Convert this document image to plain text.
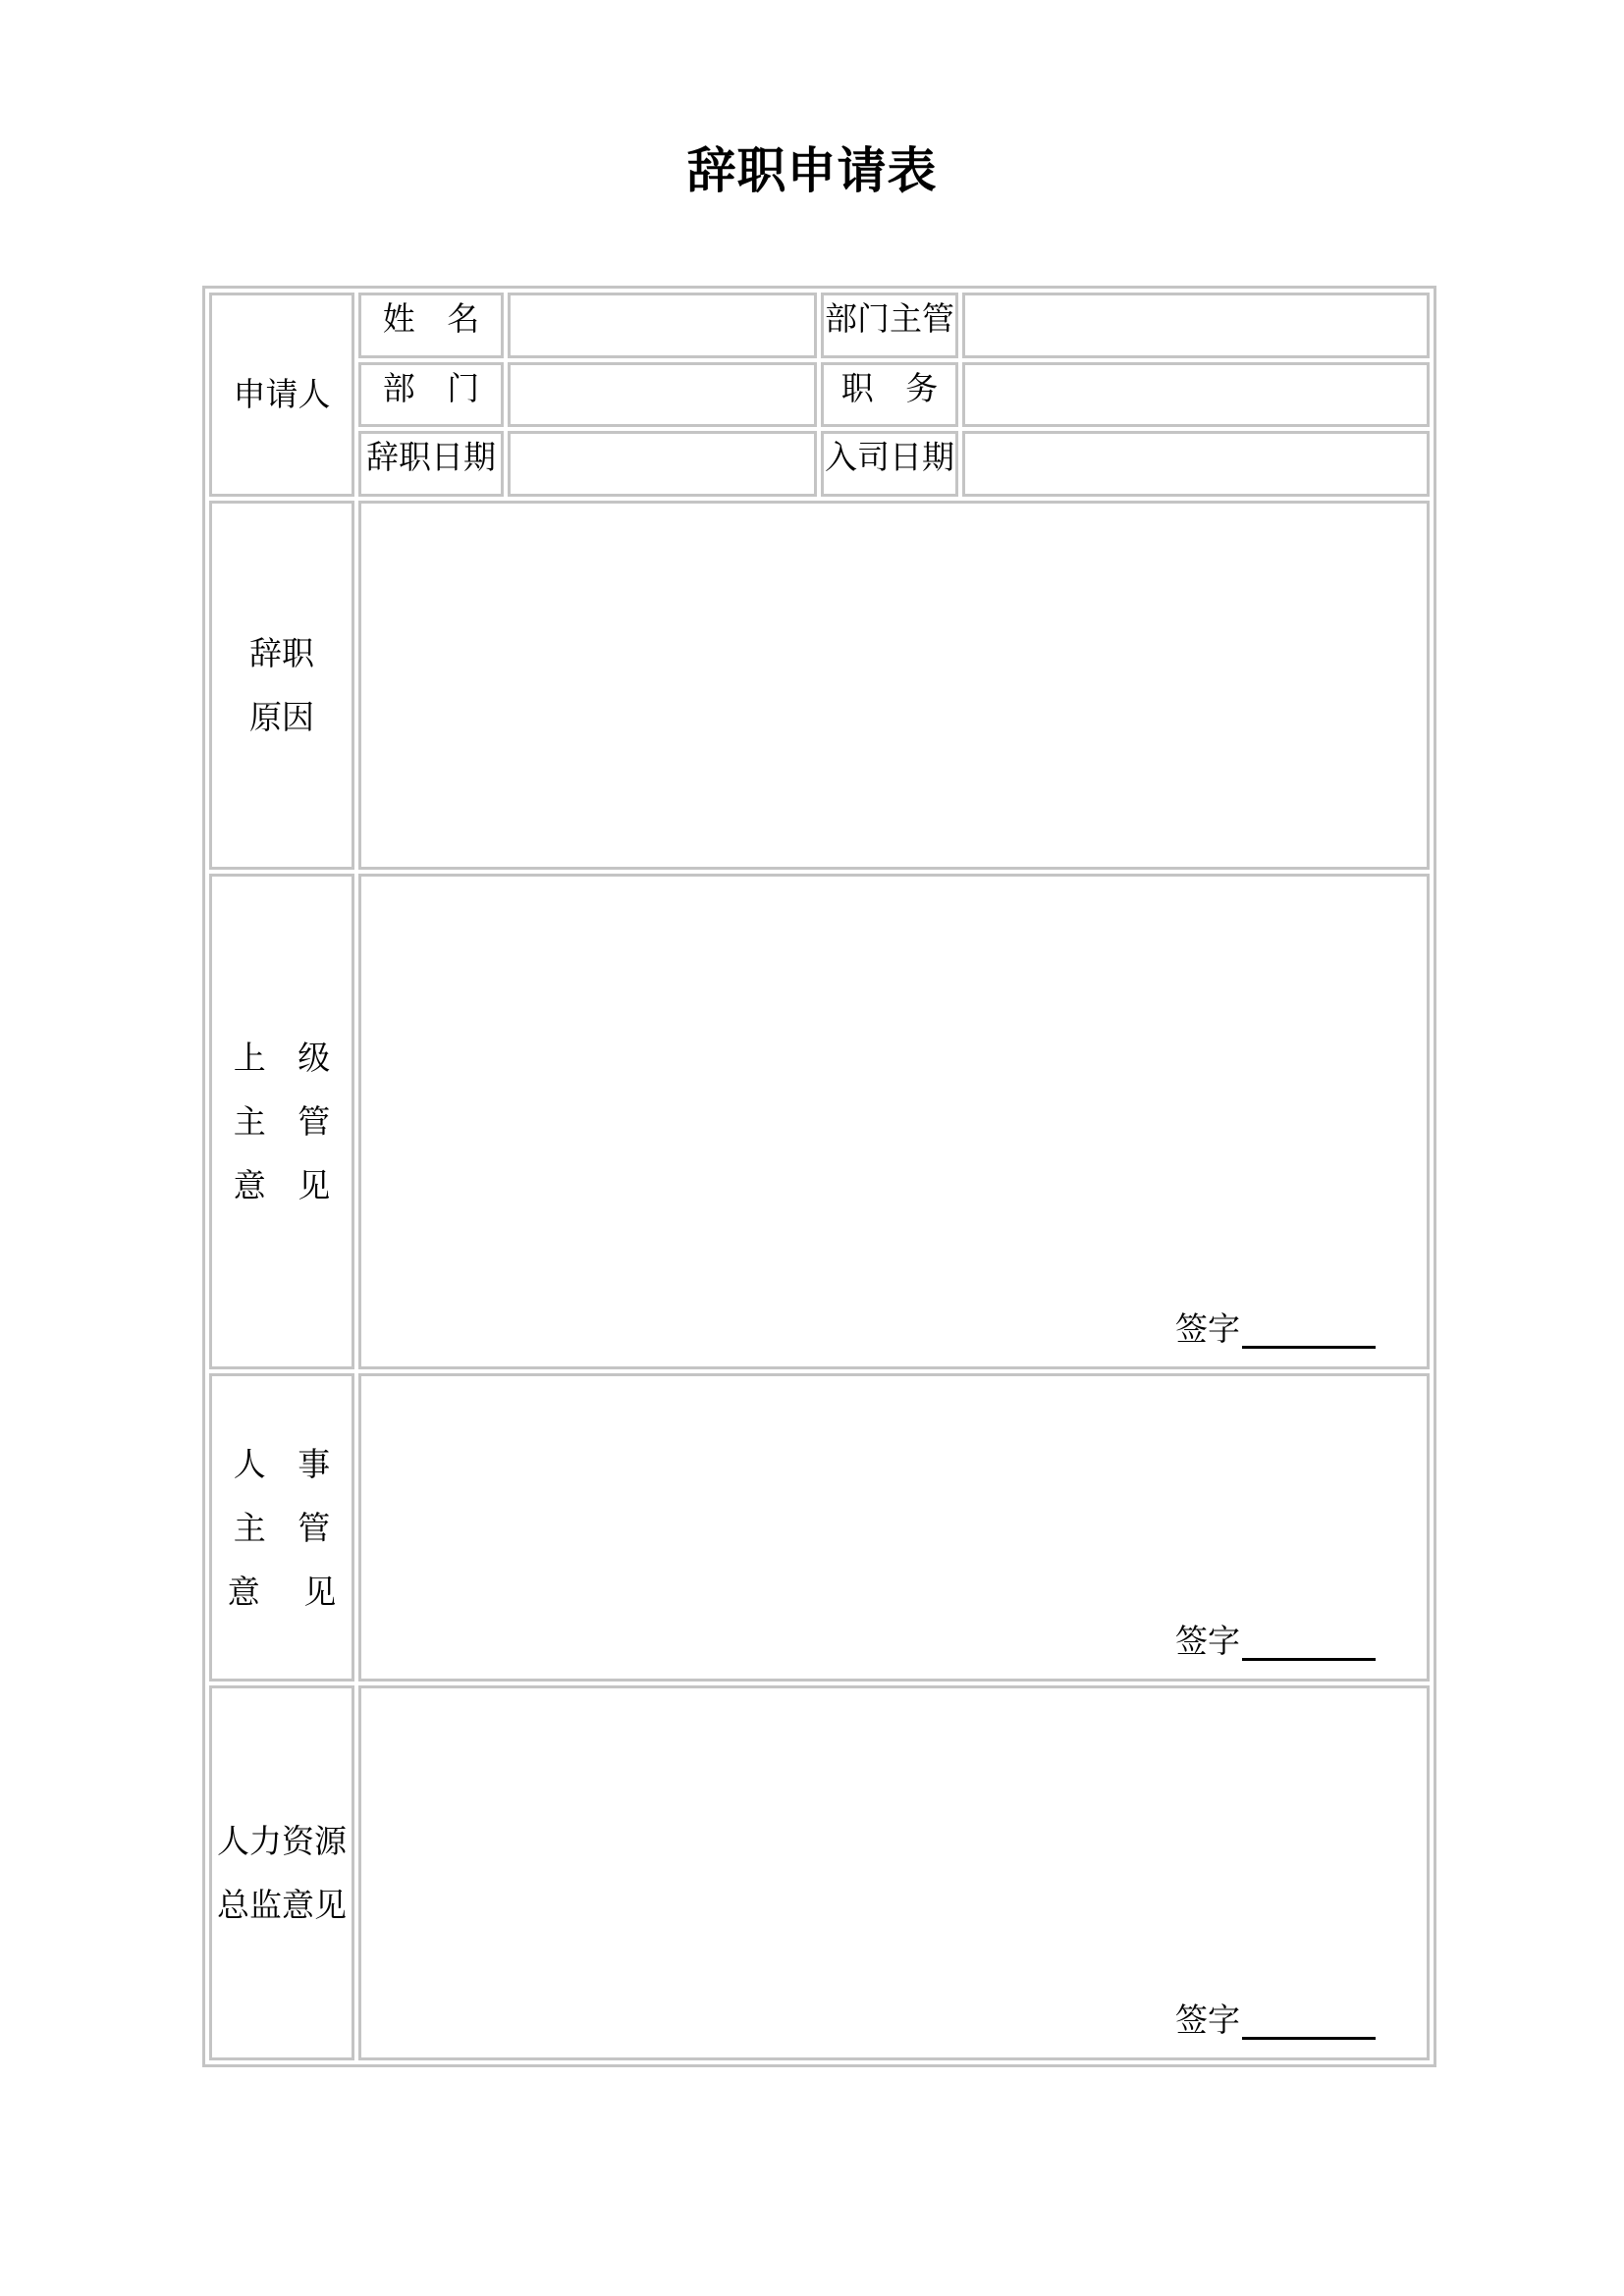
辞职申请表
申请人	姓 名		部门主管	
	部 门		职 务	
	辞职日期		入司日期	

辞职
原因				

上 级
主 管
意 见	签字			

人 事
主 管
意 见	签字			

人力资源
总监意见	签字			
